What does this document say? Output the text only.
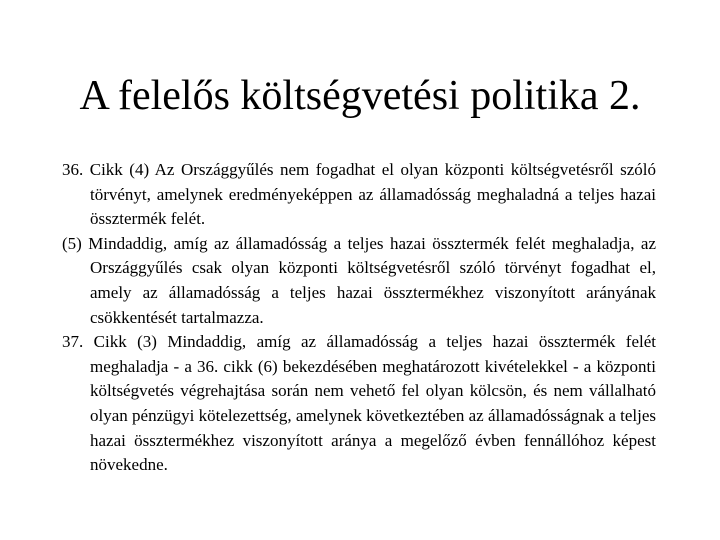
A felelős költségvetési politika 2.

36. Cikk (4) Az Országgyűlés nem fogadhat el olyan központi költségvetésről szóló törvényt, amelynek eredményeképpen az államadósság meghaladná a teljes hazai össztermék felét.

(5) Mindaddig, amíg az államadósság a teljes hazai össztermék felét meghaladja, az Országgyűlés csak olyan központi költségvetésről szóló törvényt fogadhat el, amely az államadósság a teljes hazai össztermékhez viszonyított arányának csökkentését tartalmazza.

37. Cikk (3) Mindaddig, amíg az államadósság a teljes hazai össztermék felét meghaladja - a 36. cikk (6) bekezdésében meghatározott kivételekkel - a központi költségvetés végrehajtása során nem vehető fel olyan kölcsön, és nem vállalható olyan pénzügyi kötelezettség, amelynek következtében az államadósságnak a teljes hazai össztermékhez viszonyított aránya a megelőző évben fennállóhoz képest növekedne.
